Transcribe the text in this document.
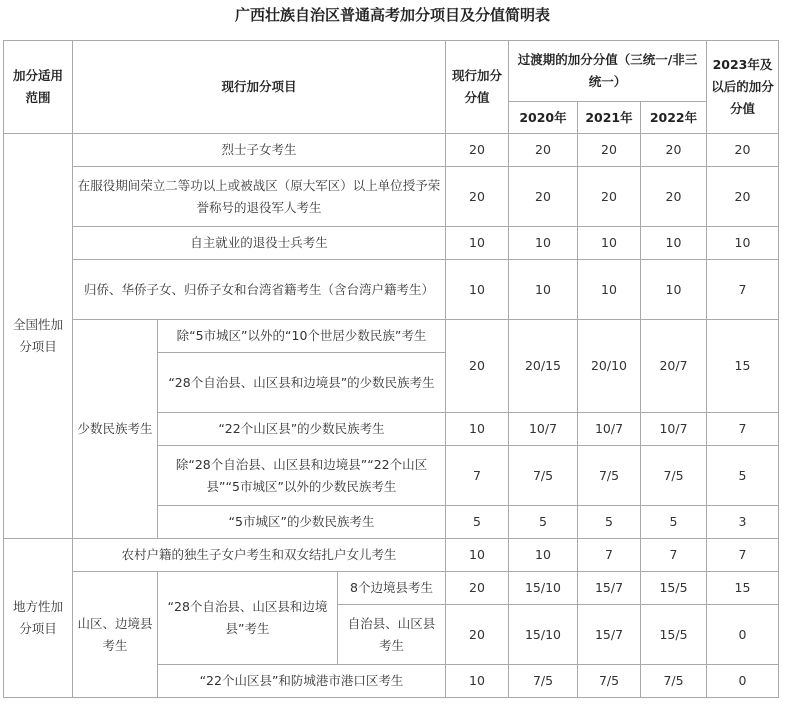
广西壮族自治区普通高考加分项目及分值简明表
加分适用范围	现行加分项目			现行加分分值	过渡期的加分分值（三统一/非三统一）			2023年及以后的加分分值
					2020年	2021年	2022年	
全国性加分项目	烈士子女考生			20	20	20	20	20
	在服役期间荣立二等功以上或被战区（原大军区）以上单位授予荣誉称号的退役军人考生			20	20	20	20	20
	自主就业的退役士兵考生			10	10	10	10	10
	归侨、华侨子女、归侨子女和台湾省籍考生（含台湾户籍考生）			10	10	10	10	7
	少数民族考生	除“5市城区”以外的“10个世居少数民族”考生		20	20/15	20/10	20/7	15
		“28个自治县、山区县和边境县”的少数民族考生						
		“22个山区县”的少数民族考生		10	10/7	10/7	10/7	7
		除“28个自治县、山区县和边境县”“22个山区县”“5市城区”以外的少数民族考生		7	7/5	7/5	7/5	5
		“5市城区”的少数民族考生		5	5	5	5	3
地方性加分项目	农村户籍的独生子女户考生和双女结扎户女儿考生			10	10	7	7	7
	山区、边境县考生	“28个自治县、山区县和边境县”考生	8个边境县考生	20	15/10	15/7	15/5	15
			自治县、山区县考生	20	15/10	15/7	15/5	0
		“22个山区县”和防城港市港口区考生		10	7/5	7/5	7/5	0
